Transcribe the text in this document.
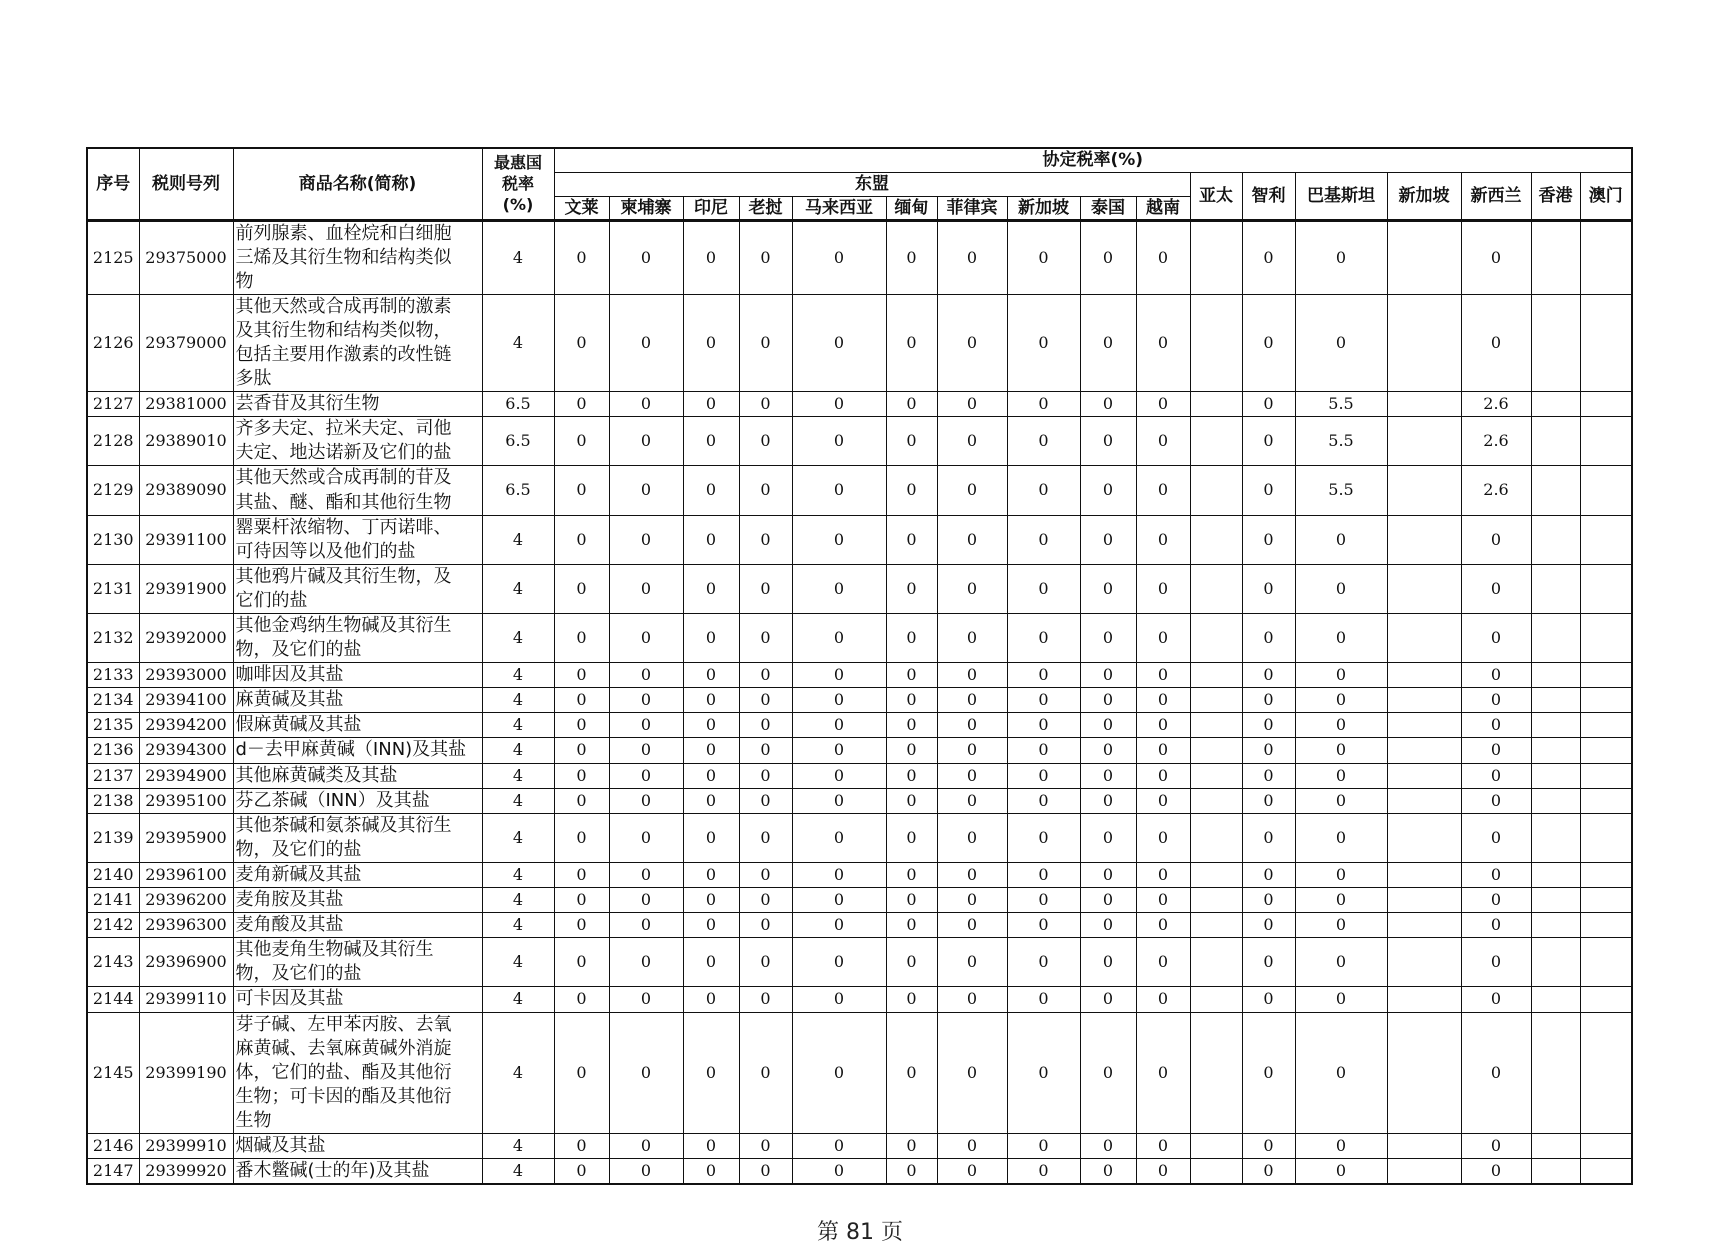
序号	税则号列	商品名称(简称)	最惠国
税率
(%)	协定税率(%)																
				东盟										亚太	智利	巴基斯坦	新加坡	新西兰	香港	澳门
				文莱	柬埔寨	印尼	老挝	马来西亚	缅甸	菲律宾	新加坡	泰国	越南							
2125	29375000	前列腺素、血栓烷和白细胞
三烯及其衍生物和结构类似
物	4	0	0	0	0	0	0	0	0	0	0		0	0		0		
2126	29379000	其他天然或合成再制的激素
及其衍生物和结构类似物，
包括主要用作激素的改性链
多肽	4	0	0	0	0	0	0	0	0	0	0		0	0		0		
2127	29381000	芸香苷及其衍生物	6.5	0	0	0	0	0	0	0	0	0	0		0	5.5		2.6		
2128	29389010	齐多夫定、拉米夫定、司他
夫定、地达诺新及它们的盐	6.5	0	0	0	0	0	0	0	0	0	0		0	5.5		2.6		
2129	29389090	其他天然或合成再制的苷及
其盐、醚、酯和其他衍生物	6.5	0	0	0	0	0	0	0	0	0	0		0	5.5		2.6		
2130	29391100	罂粟杆浓缩物、丁丙诺啡、
可待因等以及他们的盐	4	0	0	0	0	0	0	0	0	0	0		0	0		0		
2131	29391900	其他鸦片碱及其衍生物，及
它们的盐	4	0	0	0	0	0	0	0	0	0	0		0	0		0		
2132	29392000	其他金鸡纳生物碱及其衍生
物，及它们的盐	4	0	0	0	0	0	0	0	0	0	0		0	0		0		
2133	29393000	咖啡因及其盐	4	0	0	0	0	0	0	0	0	0	0		0	0		0		
2134	29394100	麻黄碱及其盐	4	0	0	0	0	0	0	0	0	0	0		0	0		0		
2135	29394200	假麻黄碱及其盐	4	0	0	0	0	0	0	0	0	0	0		0	0		0		
2136	29394300	d－去甲麻黄碱（INN)及其盐	4	0	0	0	0	0	0	0	0	0	0		0	0		0		
2137	29394900	其他麻黄碱类及其盐	4	0	0	0	0	0	0	0	0	0	0		0	0		0		
2138	29395100	芬乙茶碱（INN）及其盐	4	0	0	0	0	0	0	0	0	0	0		0	0		0		
2139	29395900	其他茶碱和氨茶碱及其衍生
物，及它们的盐	4	0	0	0	0	0	0	0	0	0	0		0	0		0		
2140	29396100	麦角新碱及其盐	4	0	0	0	0	0	0	0	0	0	0		0	0		0		
2141	29396200	麦角胺及其盐	4	0	0	0	0	0	0	0	0	0	0		0	0		0		
2142	29396300	麦角酸及其盐	4	0	0	0	0	0	0	0	0	0	0		0	0		0		
2143	29396900	其他麦角生物碱及其衍生
物，及它们的盐	4	0	0	0	0	0	0	0	0	0	0		0	0		0		
2144	29399110	可卡因及其盐	4	0	0	0	0	0	0	0	0	0	0		0	0		0		
2145	29399190	芽子碱、左甲苯丙胺、去氧
麻黄碱、去氧麻黄碱外消旋
体，它们的盐、酯及其他衍
生物；可卡因的酯及其他衍
生物	4	0	0	0	0	0	0	0	0	0	0		0	0		0		
2146	29399910	烟碱及其盐	4	0	0	0	0	0	0	0	0	0	0		0	0		0		
2147	29399920	番木鳖碱(士的年)及其盐	4	0	0	0	0	0	0	0	0	0	0		0	0		0		
第 81 页
